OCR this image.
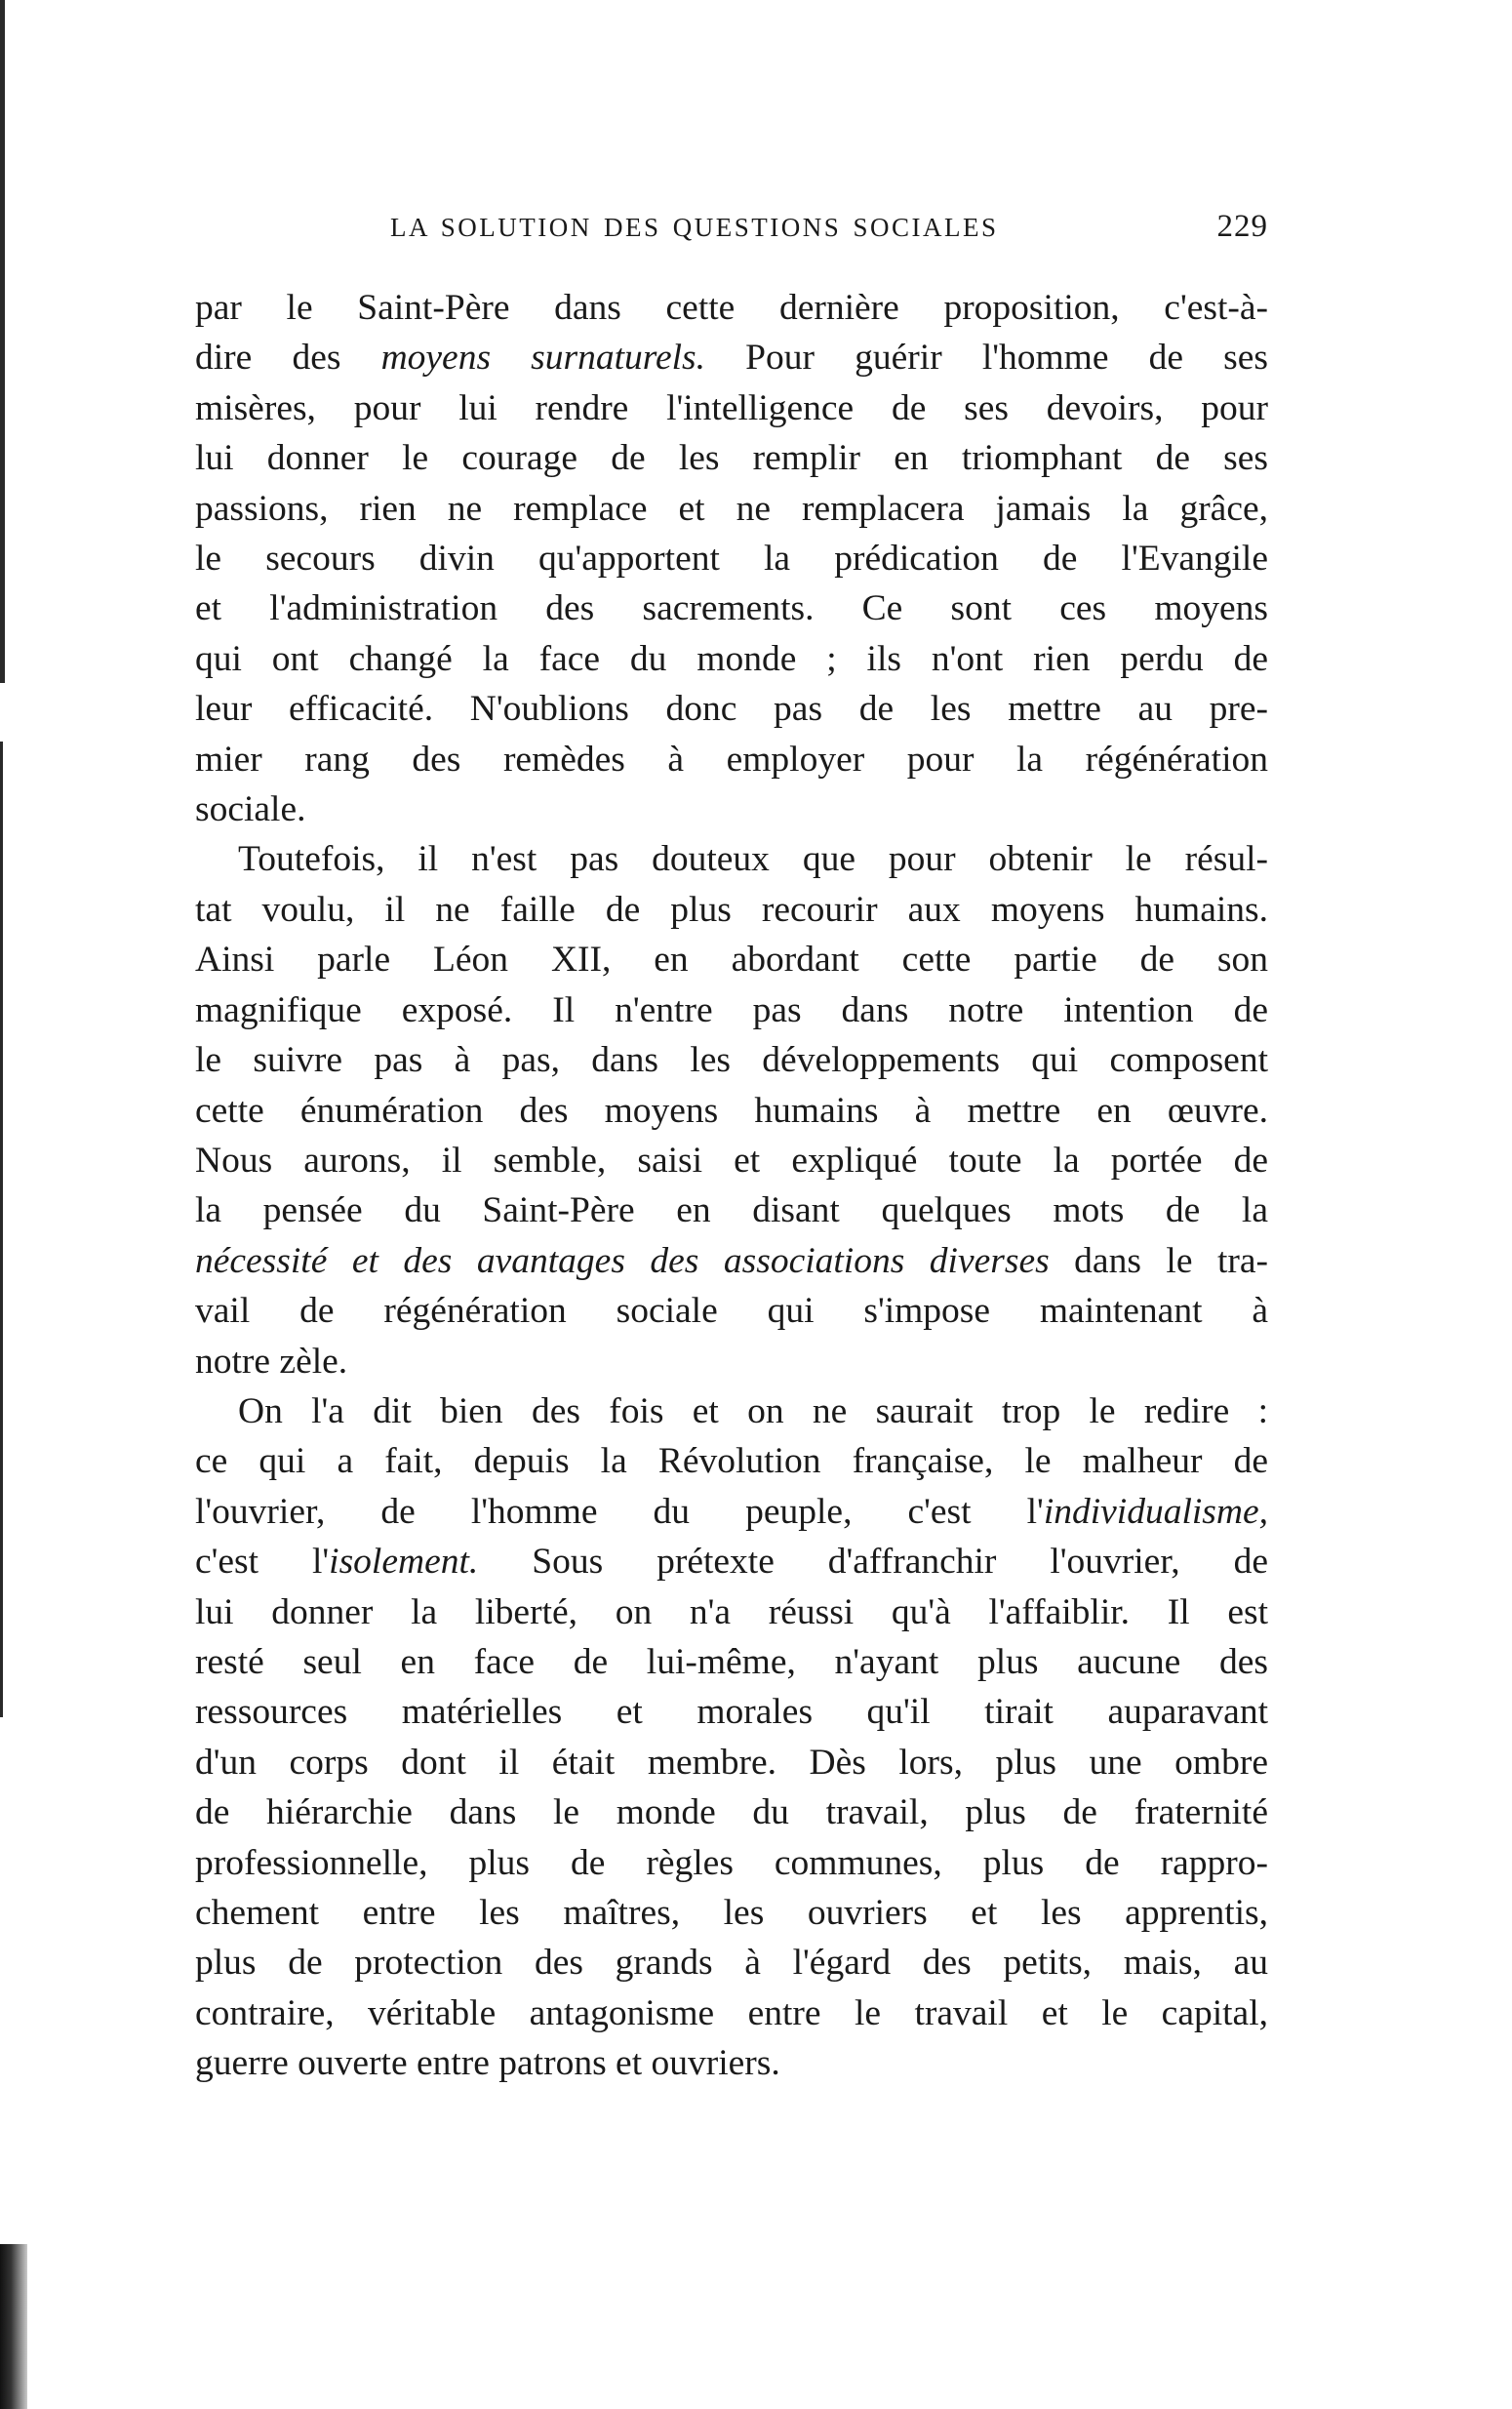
LA SOLUTION DES QUESTIONS SOCIALES	229

par le Saint-Père dans cette dernière proposition, c'est-à-
dire des moyens surnaturels. Pour guérir l'homme de ses
misères, pour lui rendre l'intelligence de ses devoirs, pour
lui donner le courage de les remplir en triomphant de ses
passions, rien ne remplace et ne remplacera jamais la grâce,
le secours divin qu'apportent la prédication de l'Evangile
et l'administration des sacrements. Ce sont ces moyens
qui ont changé la face du monde ; ils n'ont rien perdu de
leur efficacité. N'oublions donc pas de les mettre au pre-
mier rang des remèdes à employer pour la régénération
sociale.

Toutefois, il n'est pas douteux que pour obtenir le résul-
tat voulu, il ne faille de plus recourir aux moyens humains.
Ainsi parle Léon XII, en abordant cette partie de son
magnifique exposé. Il n'entre pas dans notre intention de
le suivre pas à pas, dans les développements qui composent
cette énumération des moyens humains à mettre en œuvre.
Nous aurons, il semble, saisi et expliqué toute la portée de
la pensée du Saint-Père en disant quelques mots de la
nécessité et des avantages des associations diverses dans le tra-
vail de régénération sociale qui s'impose maintenant à
notre zèle.

On l'a dit bien des fois et on ne saurait trop le redire :
ce qui a fait, depuis la Révolution française, le malheur de
l'ouvrier, de l'homme du peuple, c'est l'individualisme,
c'est l'isolement. Sous prétexte d'affranchir l'ouvrier, de
lui donner la liberté, on n'a réussi qu'à l'affaiblir. Il est
resté seul en face de lui-même, n'ayant plus aucune des
ressources matérielles et morales qu'il tirait auparavant
d'un corps dont il était membre. Dès lors, plus une ombre
de hiérarchie dans le monde du travail, plus de fraternité
professionnelle, plus de règles communes, plus de rappro-
chement entre les maîtres, les ouvriers et les apprentis,
plus de protection des grands à l'égard des petits, mais, au
contraire, véritable antagonisme entre le travail et le capital,
guerre ouverte entre patrons et ouvriers.
